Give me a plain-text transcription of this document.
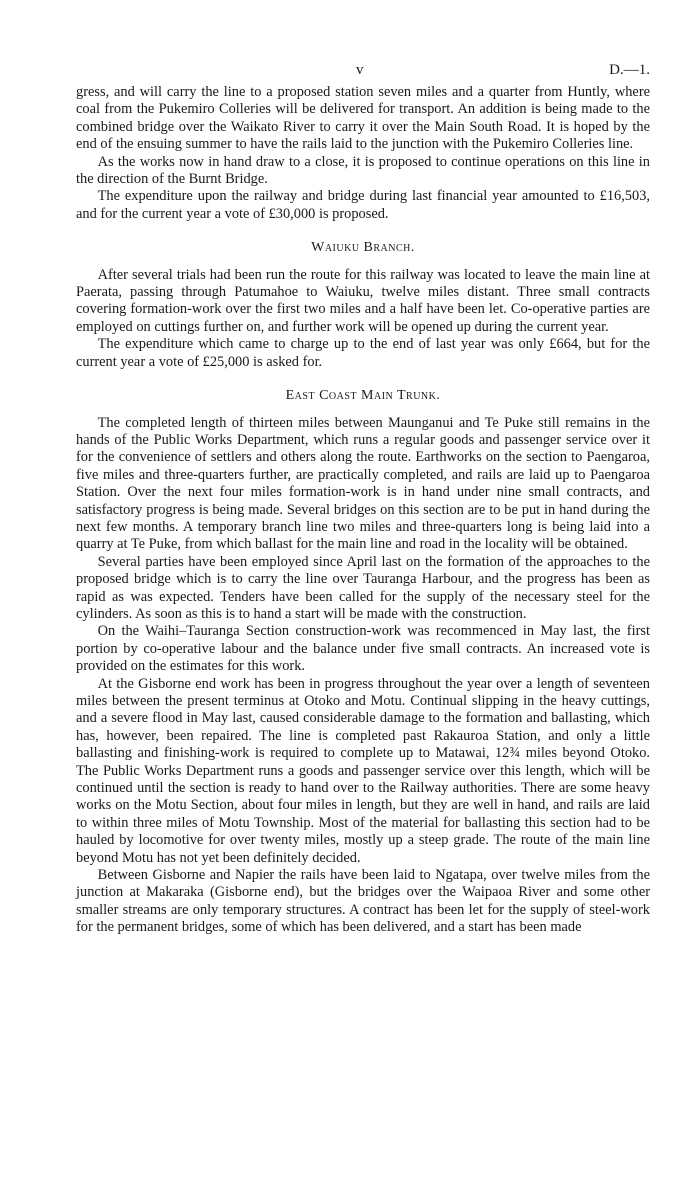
v	D.—1.

gress, and will carry the line to a proposed station seven miles and a quarter from Huntly, where coal from the Pukemiro Colleries will be delivered for transport. An addition is being made to the combined bridge over the Waikato River to carry it over the Main South Road. It is hoped by the end of the ensuing summer to have the rails laid to the junction with the Pukemiro Colleries line.

As the works now in hand draw to a close, it is proposed to continue operations on this line in the direction of the Burnt Bridge.

The expenditure upon the railway and bridge during last financial year amounted to £16,503, and for the current year a vote of £30,000 is proposed.

Waiuku Branch.

After several trials had been run the route for this railway was located to leave the main line at Paerata, passing through Patumahoe to Waiuku, twelve miles distant. Three small contracts covering formation-work over the first two miles and a half have been let. Co-operative parties are employed on cuttings further on, and further work will be opened up during the current year.

The expenditure which came to charge up to the end of last year was only £664, but for the current year a vote of £25,000 is asked for.

East Coast Main Trunk.

The completed length of thirteen miles between Maunganui and Te Puke still remains in the hands of the Public Works Department, which runs a regular goods and passenger service over it for the convenience of settlers and others along the route. Earthworks on the section to Paengaroa, five miles and three-quarters further, are practically completed, and rails are laid up to Paengaroa Station. Over the next four miles formation-work is in hand under nine small contracts, and satisfactory progress is being made. Several bridges on this section are to be put in hand during the next few months. A temporary branch line two miles and three-quarters long is being laid into a quarry at Te Puke, from which ballast for the main line and road in the locality will be obtained.

Several parties have been employed since April last on the formation of the approaches to the proposed bridge which is to carry the line over Tauranga Harbour, and the progress has been as rapid as was expected. Tenders have been called for the supply of the necessary steel for the cylinders. As soon as this is to hand a start will be made with the construction.

On the Waihi–Tauranga Section construction-work was recommenced in May last, the first portion by co-operative labour and the balance under five small contracts. An increased vote is provided on the estimates for this work.

At the Gisborne end work has been in progress throughout the year over a length of seventeen miles between the present terminus at Otoko and Motu. Continual slipping in the heavy cuttings, and a severe flood in May last, caused considerable damage to the formation and ballasting, which has, however, been repaired. The line is completed past Rakauroa Station, and only a little ballasting and finishing-work is required to complete up to Matawai, 12¾ miles beyond Otoko. The Public Works Department runs a goods and passenger service over this length, which will be continued until the section is ready to hand over to the Railway authorities. There are some heavy works on the Motu Section, about four miles in length, but they are well in hand, and rails are laid to within three miles of Motu Township. Most of the material for ballasting this section had to be hauled by locomotive for over twenty miles, mostly up a steep grade. The route of the main line beyond Motu has not yet been definitely decided.

Between Gisborne and Napier the rails have been laid to Ngatapa, over twelve miles from the junction at Makaraka (Gisborne end), but the bridges over the Waipaoa River and some other smaller streams are only temporary structures. A contract has been let for the supply of steel-work for the permanent bridges, some of which has been delivered, and a start has been made
